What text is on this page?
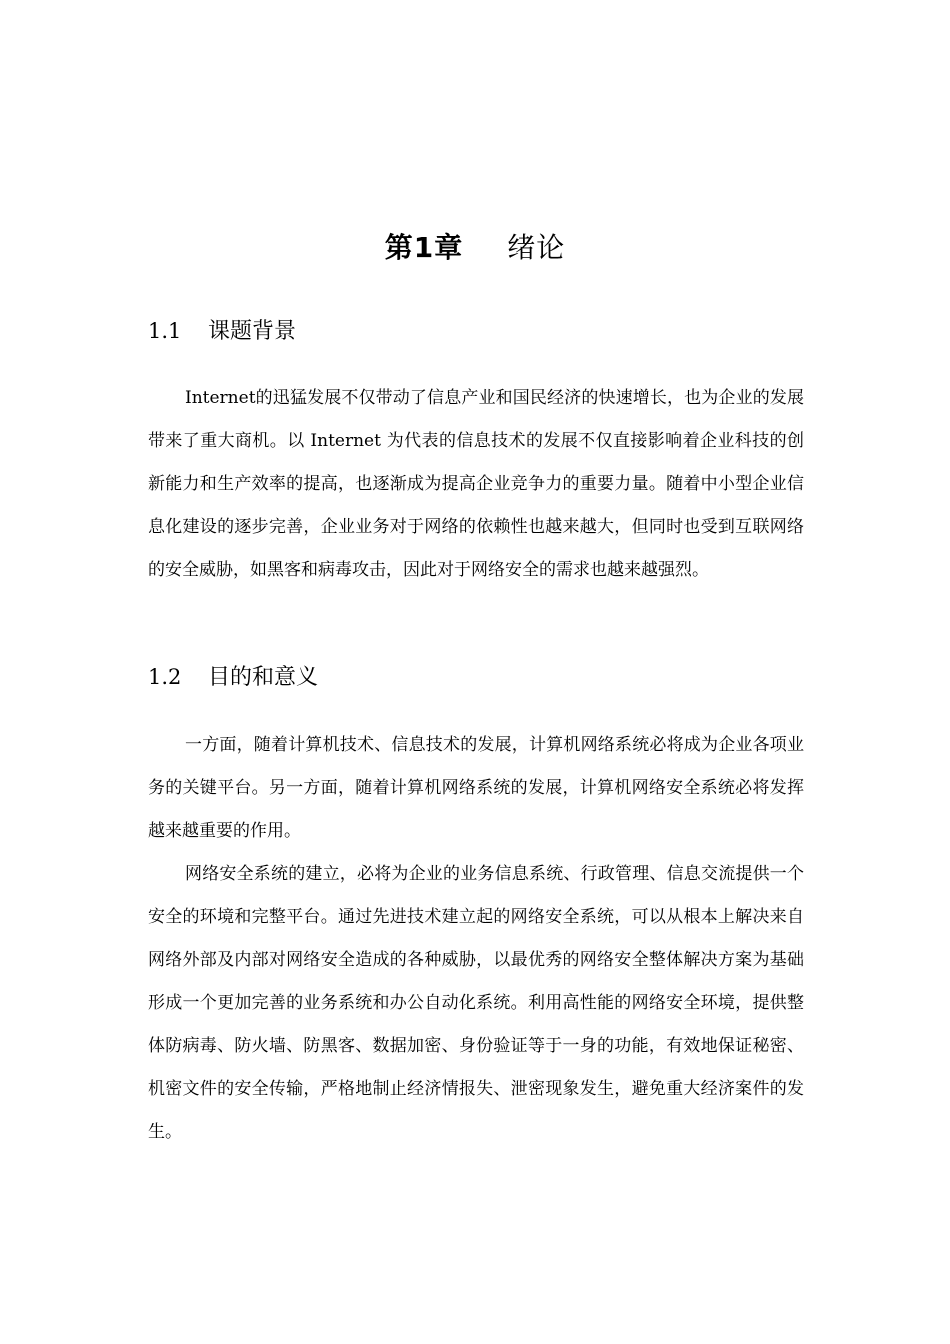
第1章 绪论
1.1 课题背景

Internet的迅猛发展不仅带动了信息产业和国民经济的快速增长，也为企业的发展带来了重大商机。以 Internet 为代表的信息技术的发展不仅直接影响着企业科技的创新能力和生产效率的提高，也逐渐成为提高企业竞争力的重要力量。随着中小型企业信息化建设的逐步完善，企业业务对于网络的依赖性也越来越大，但同时也受到互联网络的安全威胁，如黑客和病毒攻击，因此对于网络安全的需求也越来越强烈。

1.2 目的和意义

一方面，随着计算机技术、信息技术的发展，计算机网络系统必将成为企业各项业务的关键平台。另一方面，随着计算机网络系统的发展，计算机网络安全系统必将发挥越来越重要的作用。

网络安全系统的建立，必将为企业的业务信息系统、行政管理、信息交流提供一个安全的环境和完整平台。通过先进技术建立起的网络安全系统，可以从根本上解决来自网络外部及内部对网络安全造成的各种威胁，以最优秀的网络安全整体解决方案为基础形成一个更加完善的业务系统和办公自动化系统。利用高性能的网络安全环境，提供整体防病毒、防火墙、防黑客、数据加密、身份验证等于一身的功能，有效地保证秘密、机密文件的安全传输，严格地制止经济情报失、泄密现象发生，避免重大经济案件的发生。
